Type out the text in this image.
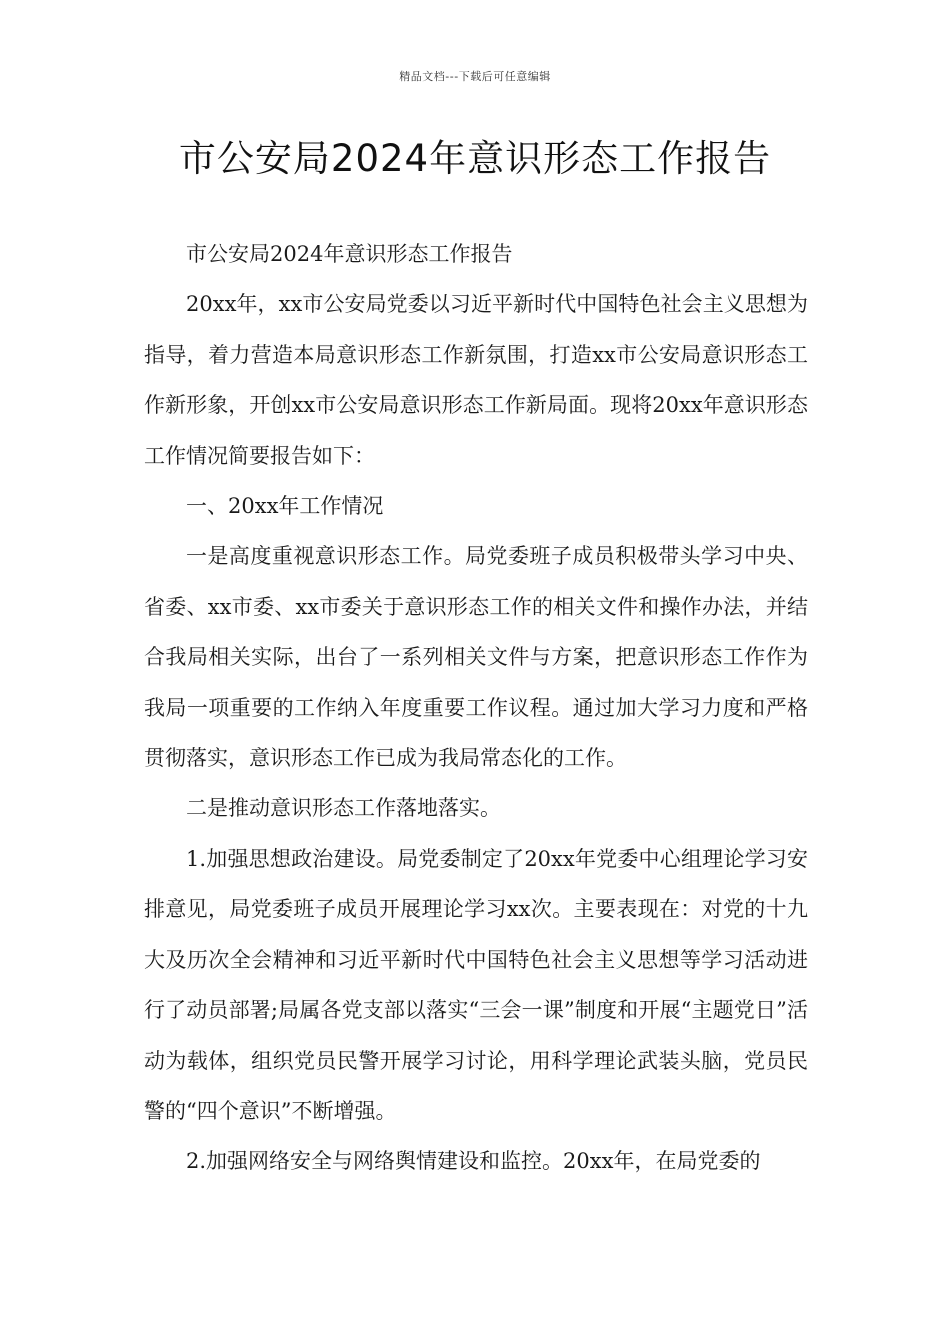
精品文档---下载后可任意编辑
市公安局2024年意识形态工作报告

市公安局2024年意识形态工作报告

20xx年，xx市公安局党委以习近平新时代中国特色社会主义思想为指导，着力营造本局意识形态工作新氛围，打造xx市公安局意识形态工作新形象，开创xx市公安局意识形态工作新局面。现将20xx年意识形态工作情况简要报告如下：

一、20xx年工作情况

一是高度重视意识形态工作。局党委班子成员积极带头学习中央、省委、xx市委、xx市委关于意识形态工作的相关文件和操作办法，并结合我局相关实际，出台了一系列相关文件与方案，把意识形态工作作为我局一项重要的工作纳入年度重要工作议程。通过加大学习力度和严格贯彻落实，意识形态工作已成为我局常态化的工作。

二是推动意识形态工作落地落实。

1.加强思想政治建设。局党委制定了20xx年党委中心组理论学习安排意见，局党委班子成员开展理论学习xx次。主要表现在：对党的十九大及历次全会精神和习近平新时代中国特色社会主义思想等学习活动进行了动员部署;局属各党支部以落实“三会一课”制度和开展“主题党日”活动为载体，组织党员民警开展学习讨论，用科学理论武装头脑，党员民警的“四个意识”不断增强。

2.加强网络安全与网络舆情建设和监控。20xx年，在局党委的
